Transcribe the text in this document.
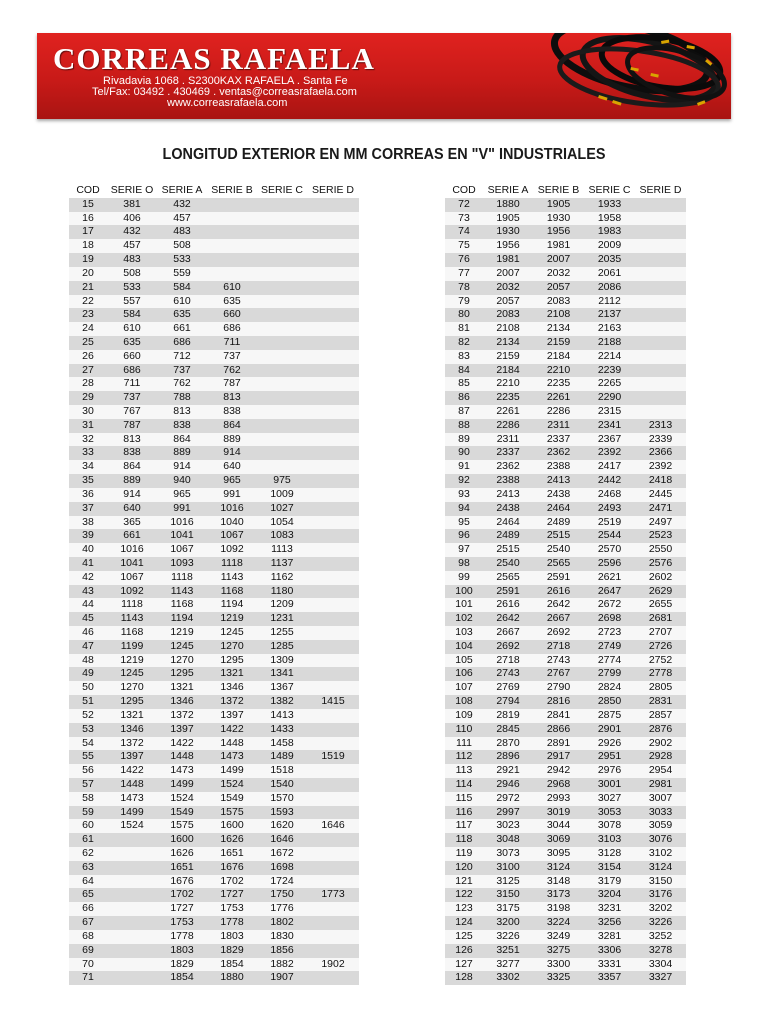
CORREAS RAFAELA
Rivadavia 1068 . S2300KAX RAFAELA . Santa Fe
Tel/Fax: 03492 . 430469 . ventas@correasrafaela.com
www.correasrafaela.com
LONGITUD EXTERIOR EN MM CORREAS EN "V" INDUSTRIALES
COD	SERIE O	SERIE A	SERIE B	SERIE C	SERIE D
15	381	432			
16	406	457			
17	432	483			
18	457	508			
19	483	533			
20	508	559			
21	533	584	610		
22	557	610	635		
23	584	635	660		
24	610	661	686		
25	635	686	711		
26	660	712	737		
27	686	737	762		
28	711	762	787		
29	737	788	813		
30	767	813	838		
31	787	838	864		
32	813	864	889		
33	838	889	914		
34	864	914	640		
35	889	940	965	975	
36	914	965	991	1009	
37	640	991	1016	1027	
38	365	1016	1040	1054	
39	661	1041	1067	1083	
40	1016	1067	1092	1113	
41	1041	1093	1118	1137	
42	1067	1118	1143	1162	
43	1092	1143	1168	1180	
44	1118	1168	1194	1209	
45	1143	1194	1219	1231	
46	1168	1219	1245	1255	
47	1199	1245	1270	1285	
48	1219	1270	1295	1309	
49	1245	1295	1321	1341	
50	1270	1321	1346	1367	
51	1295	1346	1372	1382	1415
52	1321	1372	1397	1413	
53	1346	1397	1422	1433	
54	1372	1422	1448	1458	
55	1397	1448	1473	1489	1519
56	1422	1473	1499	1518	
57	1448	1499	1524	1540	
58	1473	1524	1549	1570	
59	1499	1549	1575	1593	
60	1524	1575	1600	1620	1646
61		1600	1626	1646	
62		1626	1651	1672	
63		1651	1676	1698	
64		1676	1702	1724	
65		1702	1727	1750	1773
66		1727	1753	1776	
67		1753	1778	1802	
68		1778	1803	1830	
69		1803	1829	1856	
70		1829	1854	1882	1902
71		1854	1880	1907	
COD	SERIE A	SERIE B	SERIE C	SERIE D
72	1880	1905	1933	
73	1905	1930	1958	
74	1930	1956	1983	
75	1956	1981	2009	
76	1981	2007	2035	
77	2007	2032	2061	
78	2032	2057	2086	
79	2057	2083	2112	
80	2083	2108	2137	
81	2108	2134	2163	
82	2134	2159	2188	
83	2159	2184	2214	
84	2184	2210	2239	
85	2210	2235	2265	
86	2235	2261	2290	
87	2261	2286	2315	
88	2286	2311	2341	2313
89	2311	2337	2367	2339
90	2337	2362	2392	2366
91	2362	2388	2417	2392
92	2388	2413	2442	2418
93	2413	2438	2468	2445
94	2438	2464	2493	2471
95	2464	2489	2519	2497
96	2489	2515	2544	2523
97	2515	2540	2570	2550
98	2540	2565	2596	2576
99	2565	2591	2621	2602
100	2591	2616	2647	2629
101	2616	2642	2672	2655
102	2642	2667	2698	2681
103	2667	2692	2723	2707
104	2692	2718	2749	2726
105	2718	2743	2774	2752
106	2743	2767	2799	2778
107	2769	2790	2824	2805
108	2794	2816	2850	2831
109	2819	2841	2875	2857
110	2845	2866	2901	2876
111	2870	2891	2926	2902
112	2896	2917	2951	2928
113	2921	2942	2976	2954
114	2946	2968	3001	2981
115	2972	2993	3027	3007
116	2997	3019	3053	3033
117	3023	3044	3078	3059
118	3048	3069	3103	3076
119	3073	3095	3128	3102
120	3100	3124	3154	3124
121	3125	3148	3179	3150
122	3150	3173	3204	3176
123	3175	3198	3231	3202
124	3200	3224	3256	3226
125	3226	3249	3281	3252
126	3251	3275	3306	3278
127	3277	3300	3331	3304
128	3302	3325	3357	3327
